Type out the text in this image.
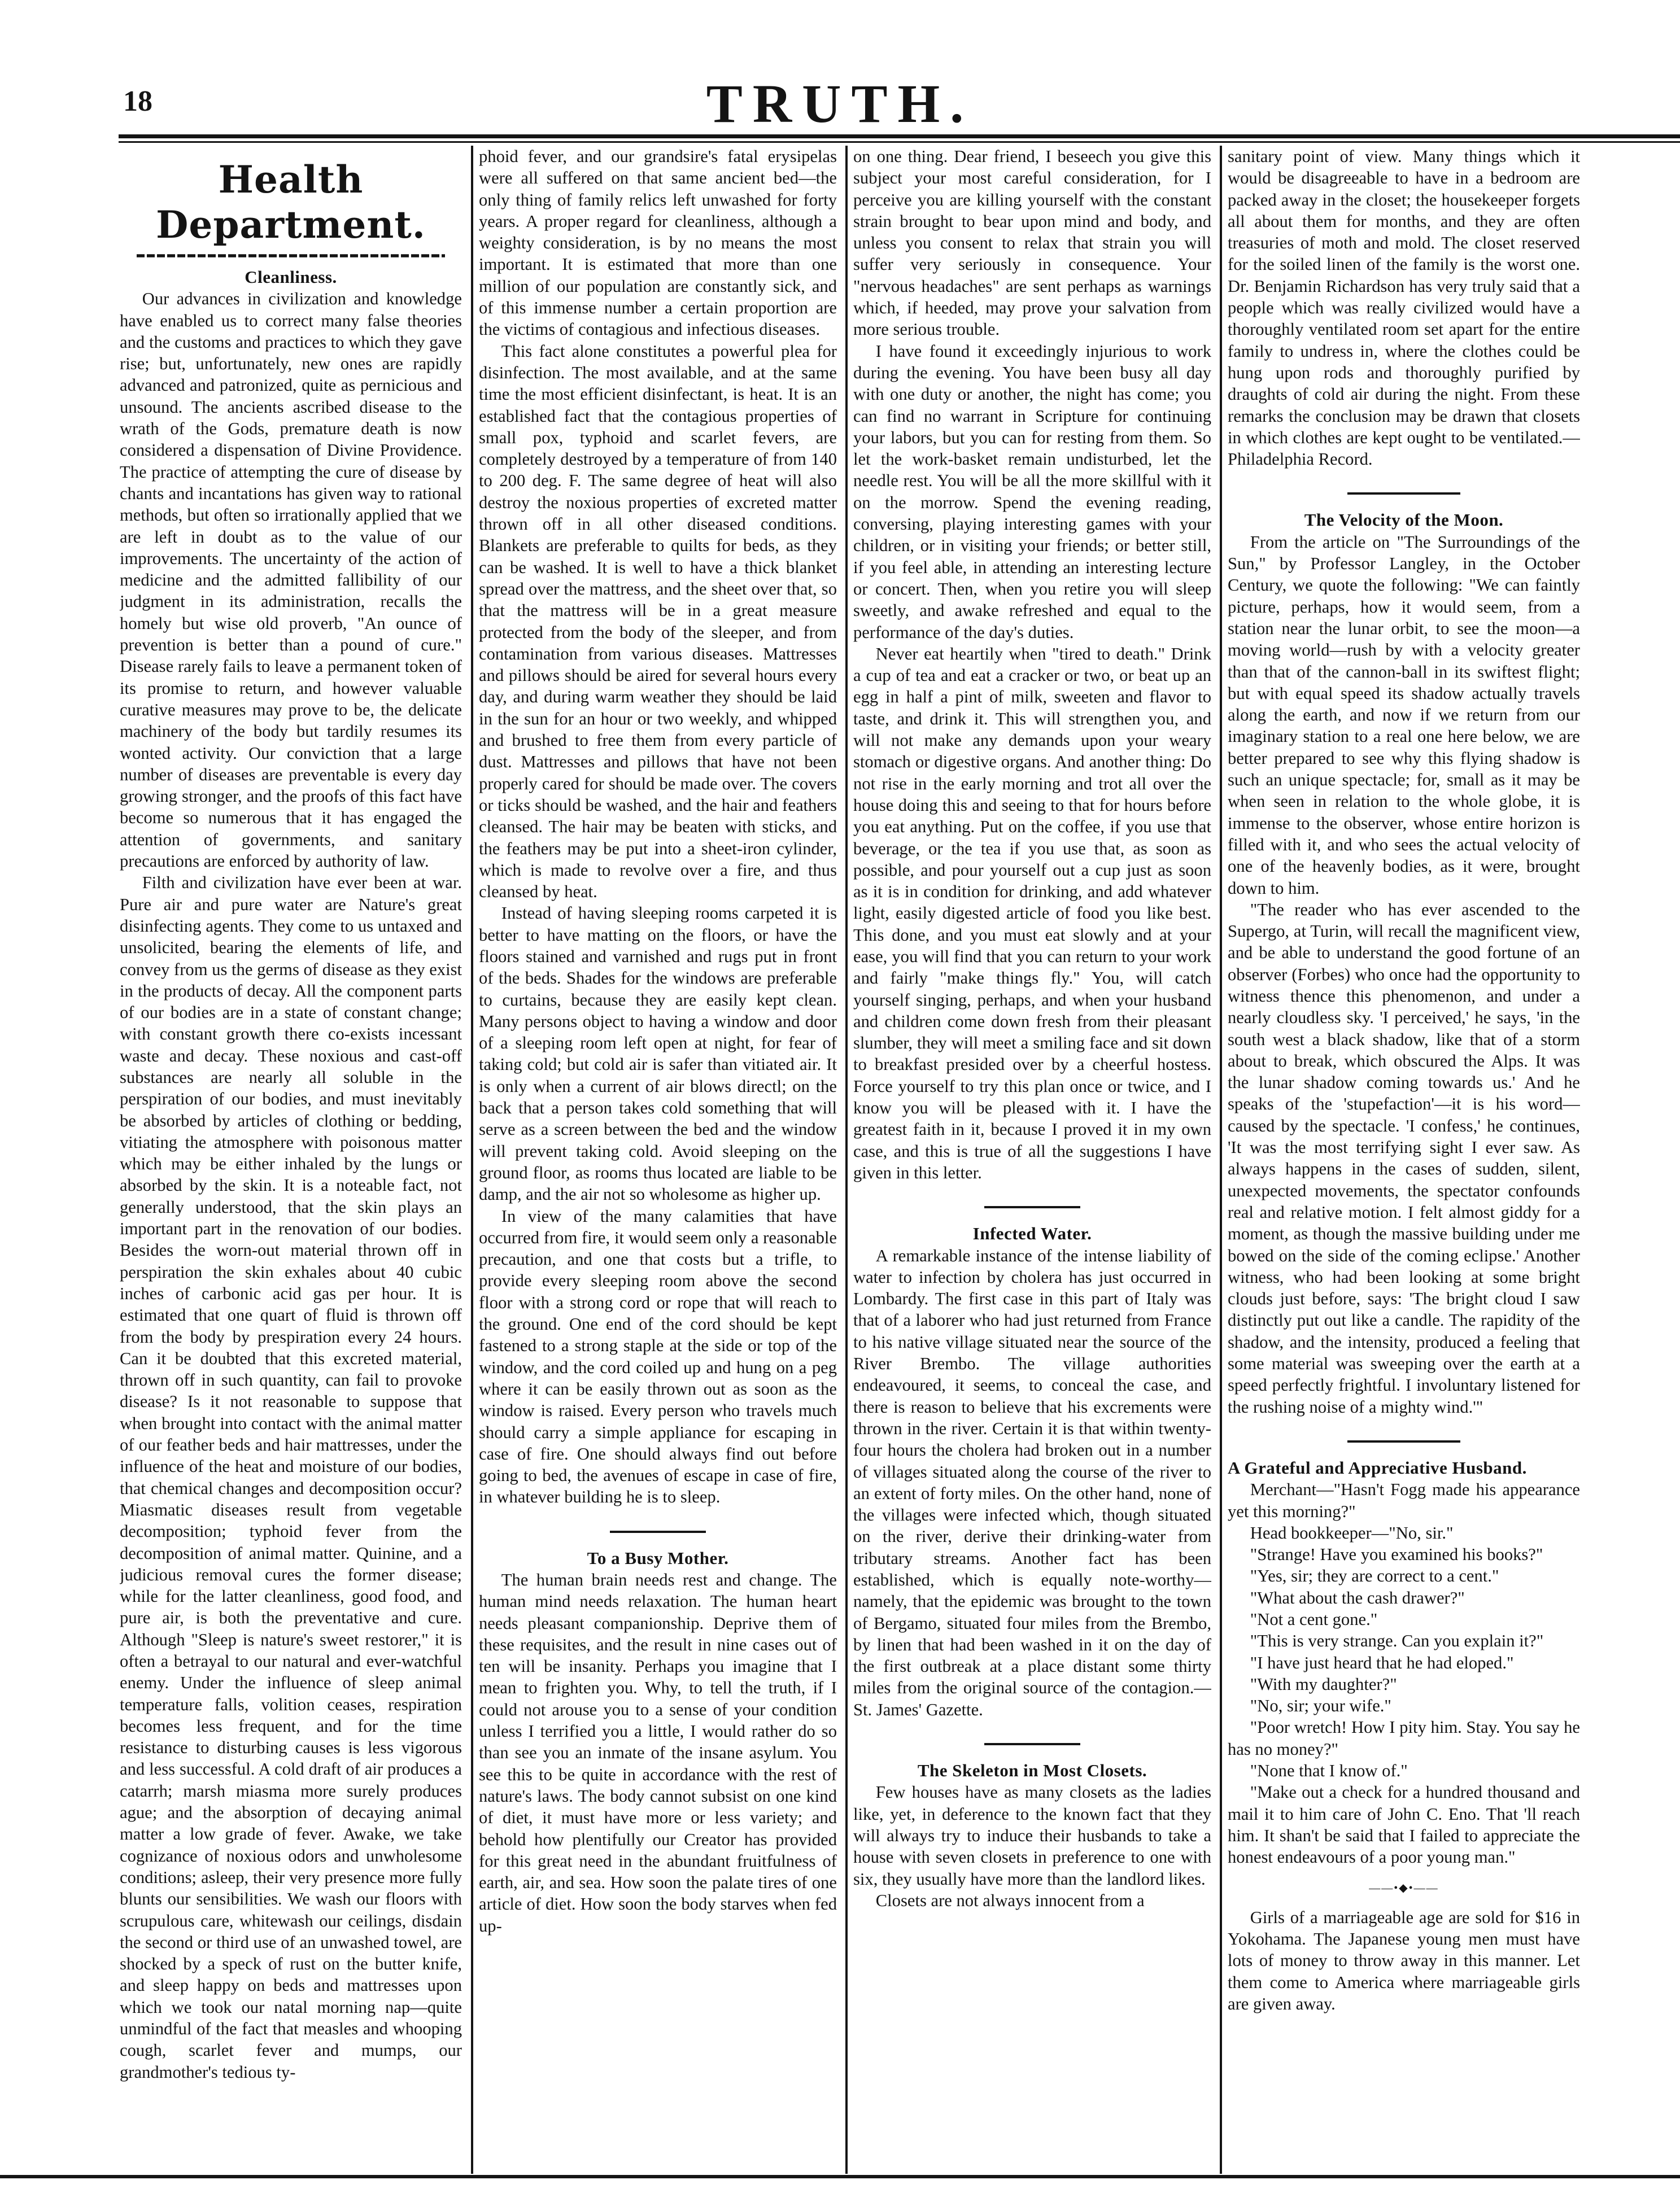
18	TRUTH.
Health Department.

Cleanliness.

Our advances in civilization and knowledge have enabled us to correct many false theories and the customs and practices to which they gave rise; but, unfortunately, new ones are rapidly advanced and patronized, quite as pernicious and unsound. The ancients ascribed disease to the wrath of the Gods, premature death is now considered a dispensation of Divine Providence. The practice of attempting the cure of disease by chants and incantations has given way to rational methods, but often so irrationally applied that we are left in doubt as to the value of our improvements. The uncertainty of the action of medicine and the admitted fallibility of our judgment in its administration, recalls the homely but wise old proverb, "An ounce of prevention is better than a pound of cure." Disease rarely fails to leave a permanent token of its promise to return, and however valuable curative measures may prove to be, the delicate machinery of the body but tardily resumes its wonted activity. Our conviction that a large number of diseases are preventable is every day growing stronger, and the proofs of this fact have become so numerous that it has engaged the attention of governments, and sanitary precautions are enforced by authority of law.

Filth and civilization have ever been at war. Pure air and pure water are Nature's great disinfecting agents. They come to us untaxed and unsolicited, bearing the elements of life, and convey from us the germs of disease as they exist in the products of decay. All the component parts of our bodies are in a state of constant change; with constant growth there co-exists incessant waste and decay. These noxious and cast-off substances are nearly all soluble in the perspiration of our bodies, and must inevitably be absorbed by articles of clothing or bedding, vitiating the atmosphere with poisonous matter which may be either inhaled by the lungs or absorbed by the skin. It is a noteable fact, not generally understood, that the skin plays an important part in the renovation of our bodies. Besides the worn-out material thrown off in perspiration the skin exhales about 40 cubic inches of carbonic acid gas per hour. It is estimated that one quart of fluid is thrown off from the body by prespiration every 24 hours. Can it be doubted that this excreted material, thrown off in such quantity, can fail to provoke disease? Is it not reasonable to suppose that when brought into contact with the animal matter of our feather beds and hair mattresses, under the influence of the heat and moisture of our bodies, that chemical changes and decomposition occur? Miasmatic diseases result from vegetable decomposition; typhoid fever from the decomposition of animal matter. Quinine, and a judicious removal cures the former disease; while for the latter cleanliness, good food, and pure air, is both the preventative and cure. Although "Sleep is nature's sweet restorer," it is often a betrayal to our natural and ever-watchful enemy. Under the influence of sleep animal temperature falls, volition ceases, respiration becomes less frequent, and for the time resistance to disturbing causes is less vigorous and less successful. A cold draft of air produces a catarrh; marsh miasma more surely produces ague; and the absorption of decaying animal matter a low grade of fever. Awake, we take cognizance of noxious odors and unwholesome conditions; asleep, their very presence more fully blunts our sensibilities. We wash our floors with scrupulous care, whitewash our ceilings, disdain the second or third use of an unwashed towel, are shocked by a speck of rust on the butter knife, and sleep happy on beds and mattresses upon which we took our natal morning nap—quite unmindful of the fact that measles and whooping cough, scarlet fever and mumps, our grandmother's tedious ty-

phoid fever, and our grandsire's fatal erysipelas were all suffered on that same ancient bed—the only thing of family relics left unwashed for forty years. A proper regard for cleanliness, although a weighty consideration, is by no means the most important. It is estimated that more than one million of our population are constantly sick, and of this immense number a certain proportion are the victims of contagious and infectious diseases.

This fact alone constitutes a powerful plea for disinfection. The most available, and at the same time the most efficient disinfectant, is heat. It is an established fact that the contagious properties of small pox, typhoid and scarlet fevers, are completely destroyed by a temperature of from 140 to 200 deg. F. The same degree of heat will also destroy the noxious properties of excreted matter thrown off in all other diseased conditions. Blankets are preferable to quilts for beds, as they can be washed. It is well to have a thick blanket spread over the mattress, and the sheet over that, so that the mattress will be in a great measure protected from the body of the sleeper, and from contamination from various diseases. Mattresses and pillows should be aired for several hours every day, and during warm weather they should be laid in the sun for an hour or two weekly, and whipped and brushed to free them from every particle of dust. Mattresses and pillows that have not been properly cared for should be made over. The covers or ticks should be washed, and the hair and feathers cleansed. The hair may be beaten with sticks, and the feathers may be put into a sheet-iron cylinder, which is made to revolve over a fire, and thus cleansed by heat.

Instead of having sleeping rooms carpeted it is better to have matting on the floors, or have the floors stained and varnished and rugs put in front of the beds. Shades for the windows are preferable to curtains, because they are easily kept clean. Many persons object to having a window and door of a sleeping room left open at night, for fear of taking cold; but cold air is safer than vitiated air. It is only when a current of air blows directl; on the back that a person takes cold something that will serve as a screen between the bed and the window will prevent taking cold. Avoid sleeping on the ground floor, as rooms thus located are liable to be damp, and the air not so wholesome as higher up.

In view of the many calamities that have occurred from fire, it would seem only a reasonable precaution, and one that costs but a trifle, to provide every sleeping room above the second floor with a strong cord or rope that will reach to the ground. One end of the cord should be kept fastened to a strong staple at the side or top of the window, and the cord coiled up and hung on a peg where it can be easily thrown out as soon as the window is raised. Every person who travels much should carry a simple appliance for escaping in case of fire. One should always find out before going to bed, the avenues of escape in case of fire, in whatever building he is to sleep.

To a Busy Mother.

The human brain needs rest and change. The human mind needs relaxation. The human heart needs pleasant companionship. Deprive them of these requisites, and the result in nine cases out of ten will be insanity. Perhaps you imagine that I mean to frighten you. Why, to tell the truth, if I could not arouse you to a sense of your condition unless I terrified you a little, I would rather do so than see you an inmate of the insane asylum. You see this to be quite in accordance with the rest of nature's laws. The body cannot subsist on one kind of diet, it must have more or less variety; and behold how plentifully our Creator has provided for this great need in the abundant fruitfulness of earth, air, and sea. How soon the palate tires of one article of diet. How soon the body starves when fed up-

on one thing. Dear friend, I beseech you give this subject your most careful consideration, for I perceive you are killing yourself with the constant strain brought to bear upon mind and body, and unless you consent to relax that strain you will suffer very seriously in consequence. Your "nervous headaches" are sent perhaps as warnings which, if heeded, may prove your salvation from more serious trouble.

I have found it exceedingly injurious to work during the evening. You have been busy all day with one duty or another, the night has come; you can find no warrant in Scripture for continuing your labors, but you can for resting from them. So let the work-basket remain undisturbed, let the needle rest. You will be all the more skillful with it on the morrow. Spend the evening reading, conversing, playing interesting games with your children, or in visiting your friends; or better still, if you feel able, in attending an interesting lecture or concert. Then, when you retire you will sleep sweetly, and awake refreshed and equal to the performance of the day's duties.

Never eat heartily when "tired to death." Drink a cup of tea and eat a cracker or two, or beat up an egg in half a pint of milk, sweeten and flavor to taste, and drink it. This will strengthen you, and will not make any demands upon your weary stomach or digestive organs. And another thing: Do not rise in the early morning and trot all over the house doing this and seeing to that for hours before you eat anything. Put on the coffee, if you use that beverage, or the tea if you use that, as soon as possible, and pour yourself out a cup just as soon as it is in condition for drinking, and add whatever light, easily digested article of food you like best. This done, and you must eat slowly and at your ease, you will find that you can return to your work and fairly "make things fly." You, will catch yourself singing, perhaps, and when your husband and children come down fresh from their pleasant slumber, they will meet a smiling face and sit down to breakfast presided over by a cheerful hostess. Force yourself to try this plan once or twice, and I know you will be pleased with it. I have the greatest faith in it, because I proved it in my own case, and this is true of all the suggestions I have given in this letter.

Infected Water.

A remarkable instance of the intense liability of water to infection by cholera has just occurred in Lombardy. The first case in this part of Italy was that of a laborer who had just returned from France to his native village situated near the source of the River Brembo. The village authorities endeavoured, it seems, to conceal the case, and there is reason to believe that his excrements were thrown in the river. Certain it is that within twenty-four hours the cholera had broken out in a number of villages situated along the course of the river to an extent of forty miles. On the other hand, none of the villages were infected which, though situated on the river, derive their drinking-water from tributary streams. Another fact has been established, which is equally note-worthy—namely, that the epidemic was brought to the town of Bergamo, situated four miles from the Brembo, by linen that had been washed in it on the day of the first outbreak at a place distant some thirty miles from the original source of the contagion.—St. James' Gazette.

The Skeleton in Most Closets.

Few houses have as many closets as the ladies like, yet, in deference to the known fact that they will always try to induce their husbands to take a house with seven closets in preference to one with six, they usually have more than the landlord likes.

Closets are not always innocent from a

sanitary point of view. Many things which it would be disagreeable to have in a bedroom are packed away in the closet; the housekeeper forgets all about them for months, and they are often treasuries of moth and mold. The closet reserved for the soiled linen of the family is the worst one. Dr. Benjamin Richardson has very truly said that a people which was really civilized would have a thoroughly ventilated room set apart for the entire family to undress in, where the clothes could be hung upon rods and thoroughly purified by draughts of cold air during the night. From these remarks the conclusion may be drawn that closets in which clothes are kept ought to be ventilated.—Philadelphia Record.

The Velocity of the Moon.

From the article on "The Surroundings of the Sun," by Professor Langley, in the October Century, we quote the following: "We can faintly picture, perhaps, how it would seem, from a station near the lunar orbit, to see the moon—a moving world—rush by with a velocity greater than that of the cannon-ball in its swiftest flight; but with equal speed its shadow actually travels along the earth, and now if we return from our imaginary station to a real one here below, we are better prepared to see why this flying shadow is such an unique spectacle; for, small as it may be when seen in relation to the whole globe, it is immense to the observer, whose entire horizon is filled with it, and who sees the actual velocity of one of the heavenly bodies, as it were, brought down to him.

"The reader who has ever ascended to the Supergo, at Turin, will recall the magnificent view, and be able to understand the good fortune of an observer (Forbes) who once had the opportunity to witness thence this phenomenon, and under a nearly cloudless sky. 'I perceived,' he says, 'in the south west a black shadow, like that of a storm about to break, which obscured the Alps. It was the lunar shadow coming towards us.' And he speaks of the 'stupefaction'—it is his word—caused by the spectacle. 'I confess,' he continues, 'It was the most terrifying sight I ever saw. As always happens in the cases of sudden, silent, unexpected movements, the spectator confounds real and relative motion. I felt almost giddy for a moment, as though the massive building under me bowed on the side of the coming eclipse.' Another witness, who had been looking at some bright clouds just before, says: 'The bright cloud I saw distinctly put out like a candle. The rapidity of the shadow, and the intensity, produced a feeling that some material was sweeping over the earth at a speed perfectly frightful. I involuntary listened for the rushing noise of a mighty wind.'"

A Grateful and Appreciative Husband.

Merchant—"Hasn't Fogg made his appearance yet this morning?"

Head bookkeeper—"No, sir."

"Strange! Have you examined his books?"

"Yes, sir; they are correct to a cent."

"What about the cash drawer?"

"Not a cent gone."

"This is very strange. Can you explain it?"

"I have just heard that he had eloped."

"With my daughter?"

"No, sir; your wife."

"Poor wretch! How I pity him. Stay. You say he has no money?"

"None that I know of."

"Make out a check for a hundred thousand and mail it to him care of John C. Eno. That 'll reach him. It shan't be said that I failed to appreciate the honest endeavours of a poor young man."

——•◆•——

Girls of a marriageable age are sold for $16 in Yokohama. The Japanese young men must have lots of money to throw away in this manner. Let them come to America where marriageable girls are given away.
